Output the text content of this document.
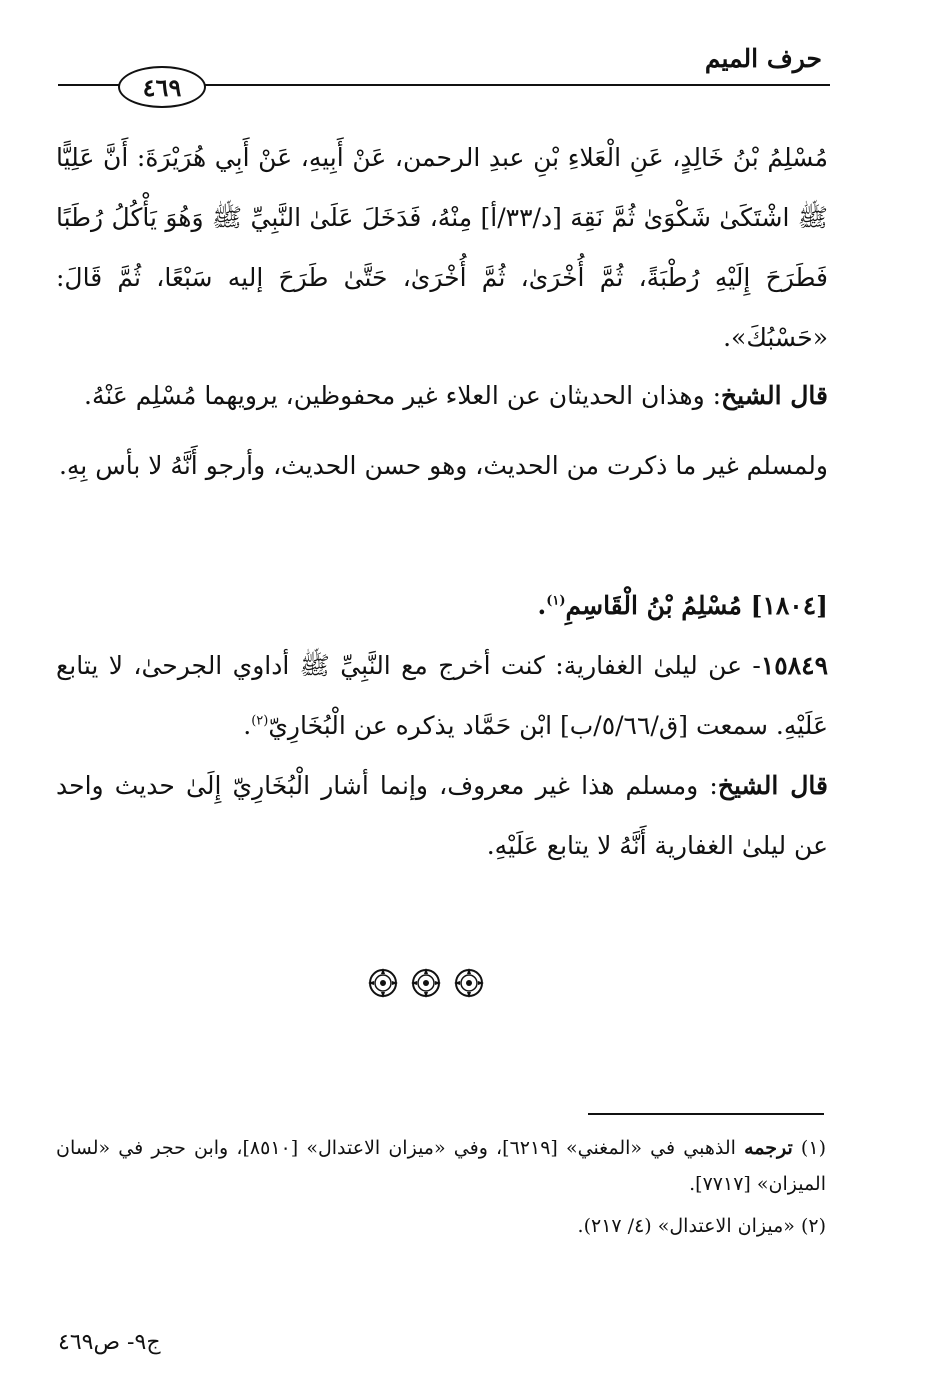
حرف الميم
٤٦٩
مُسْلِمُ بْنُ خَالِدٍ، عَنِ الْعَلاءِ بْنِ عبدِ الرحمن، عَنْ أَبِيهِ، عَنْ أَبِي هُرَيْرَةَ: أَنَّ عَلِيًّا ﷺ اشْتَكَىٰ شَكْوَىٰ ثُمَّ نَقِهَ [د/٣٣/أ] مِنْهُ، فَدَخَلَ عَلَىٰ النَّبِيِّ ﷺ وَهُوَ يَأْكُلُ رُطَبًا فَطَرَحَ إِلَيْهِ رُطْبَةً، ثُمَّ أُخْرَىٰ، ثُمَّ أُخْرَىٰ، حَتَّىٰ طَرَحَ إليه سَبْعًا، ثُمَّ قَالَ: «حَسْبُكَ».
قال الشيخ: وهذان الحديثان عن العلاء غير محفوظين، يرويهما مُسْلِم عَنْهُ.
ولمسلم غير ما ذكرت من الحديث، وهو حسن الحديث، وأرجو أَنَّهُ لا بأس بِهِ.
[١٨٠٤] مُسْلِمُ بْنُ الْقَاسِمِ$^{(١)}$.
١٥٨٤٩- عن ليلىٰ الغفارية: كنت أخرج مع النَّبِيِّ ﷺ أداوي الجرحىٰ، لا يتابع عَلَيْهِ. سمعت [ق/٥/٦٦/ب] ابْن حَمَّاد يذكره عن الْبُخَارِيّ$^{(٢)}$.
قال الشيخ: ومسلم هذا غير معروف، وإنما أشار الْبُخَارِيّ إِلَىٰ حديث واحد عن ليلىٰ الغفارية أَنَّهُ لا يتابع عَلَيْهِ.

(١) ترجمه الذهبي في «المغني» [٦٢١٩]، وفي «ميزان الاعتدال» [٨٥١٠]، وابن حجر في «لسان الميزان» [٧٧١٧].

(٢) «ميزان الاعتدال» (٤/ ٢١٧).

ج٩- ص٤٦٩
